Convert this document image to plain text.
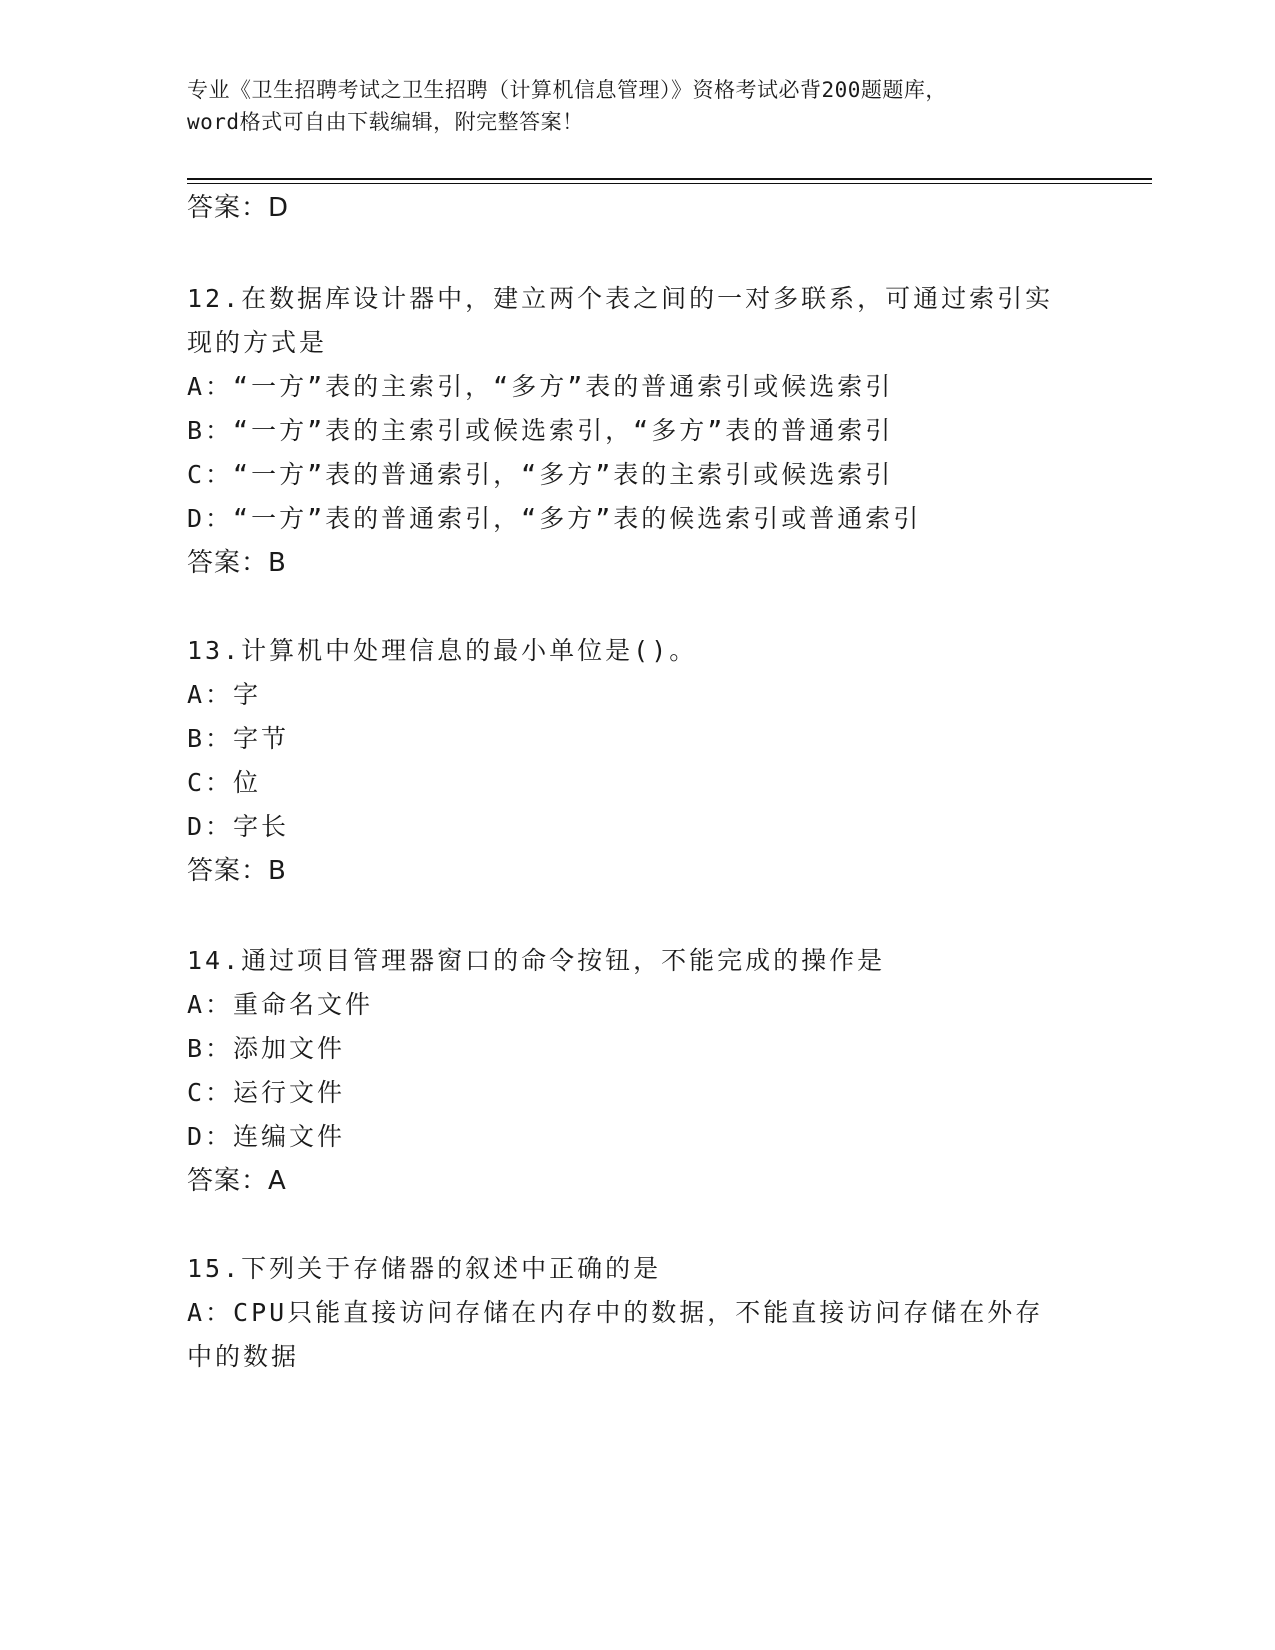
专业《卫生招聘考试之卫生招聘（计算机信息管理）》资格考试必背200题题库，
word格式可自由下载编辑，附完整答案！
答案：D
12.在数据库设计器中，建立两个表之间的一对多联系，可通过索引实
现的方式是
A：“一方”表的主索引，“多方”表的普通索引或候选索引
B：“一方”表的主索引或候选索引，“多方”表的普通索引
C：“一方”表的普通索引，“多方”表的主索引或候选索引
D：“一方”表的普通索引，“多方”表的候选索引或普通索引
答案：B
13.计算机中处理信息的最小单位是()。
A：字
B：字节
C：位
D：字长
答案：B
14.通过项目管理器窗口的命令按钮，不能完成的操作是
A：重命名文件
B：添加文件
C：运行文件
D：连编文件
答案：A
15.下列关于存储器的叙述中正确的是
A：CPU只能直接访问存储在内存中的数据，不能直接访问存储在外存
中的数据
